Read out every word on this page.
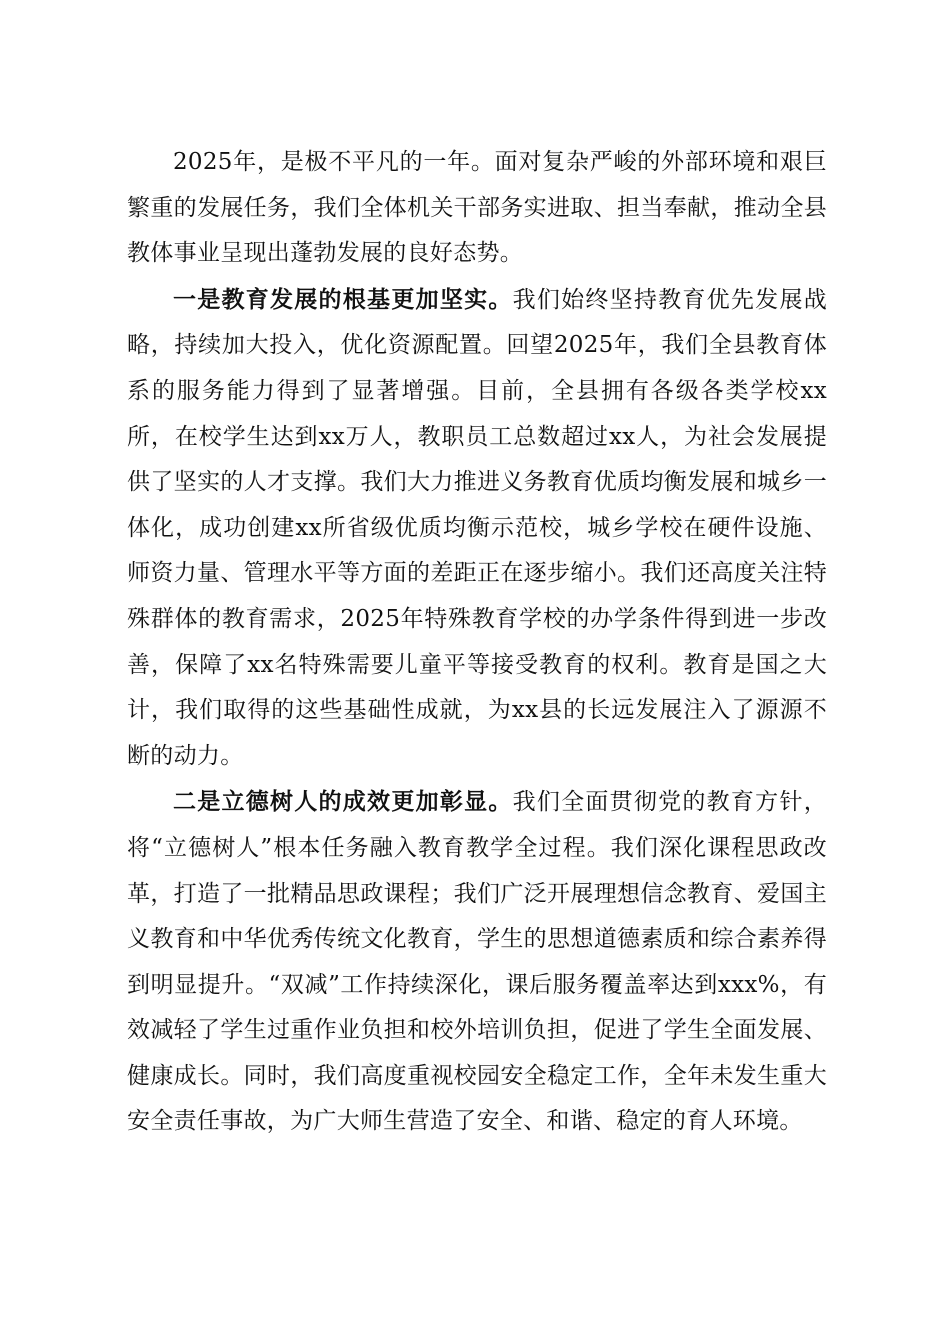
2025年，是极不平凡的一年。面对复杂严峻的外部环境和艰巨繁重的发展任务，我们全体机关干部务实进取、担当奉献，推动全县教体事业呈现出蓬勃发展的良好态势。

一是教育发展的根基更加坚实。我们始终坚持教育优先发展战略，持续加大投入，优化资源配置。回望2025年，我们全县教育体系的服务能力得到了显著增强。目前，全县拥有各级各类学校xx所，在校学生达到xx万人，教职员工总数超过xx人，为社会发展提供了坚实的人才支撑。我们大力推进义务教育优质均衡发展和城乡一体化，成功创建xx所省级优质均衡示范校，城乡学校在硬件设施、师资力量、管理水平等方面的差距正在逐步缩小。我们还高度关注特殊群体的教育需求，2025年特殊教育学校的办学条件得到进一步改善，保障了xx名特殊需要儿童平等接受教育的权利。教育是国之大计，我们取得的这些基础性成就，为xx县的长远发展注入了源源不断的动力。

二是立德树人的成效更加彰显。我们全面贯彻党的教育方针，将“立德树人”根本任务融入教育教学全过程。我们深化课程思政改革，打造了一批精品思政课程；我们广泛开展理想信念教育、爱国主义教育和中华优秀传统文化教育，学生的思想道德素质和综合素养得到明显提升。“双减”工作持续深化，课后服务覆盖率达到xxx%，有效减轻了学生过重作业负担和校外培训负担，促进了学生全面发展、健康成长。同时，我们高度重视校园安全稳定工作，全年未发生重大安全责任事故，为广大师生营造了安全、和谐、稳定的育人环境。
